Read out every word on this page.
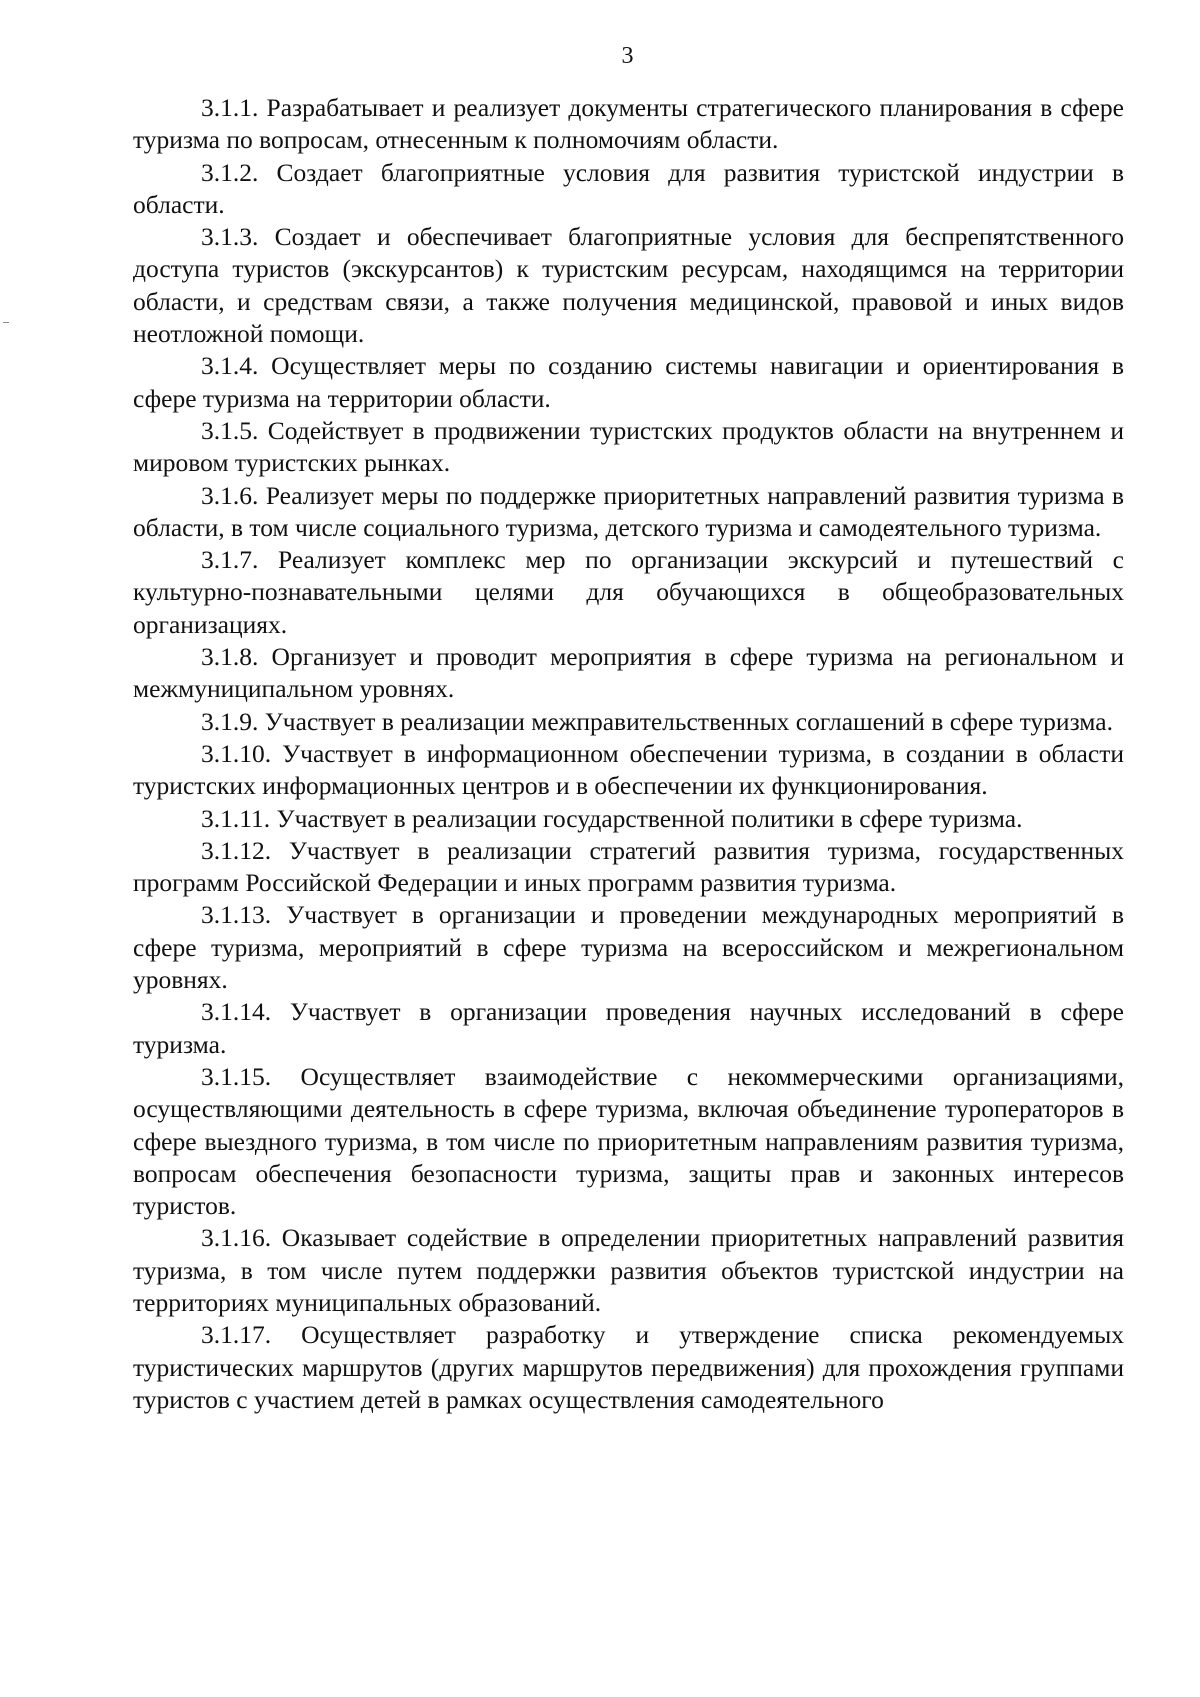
3

3.1.1. Разрабатывает и реализует документы стратегического планирования в сфере туризма по вопросам, отнесенным к полномочиям области.

3.1.2. Создает благоприятные условия для развития туристской индустрии в области.

3.1.3. Создает и обеспечивает благоприятные условия для беспрепятственного доступа туристов (экскурсантов) к туристским ресурсам, находящимся на территории области, и средствам связи, а также получения медицинской, правовой и иных видов неотложной помощи.

3.1.4. Осуществляет меры по созданию системы навигации и ориентирования в сфере туризма на территории области.

3.1.5. Содействует в продвижении туристских продуктов области на внутреннем и мировом туристских рынках.

3.1.6. Реализует меры по поддержке приоритетных направлений развития туризма в области, в том числе социального туризма, детского туризма и самодеятельного туризма.

3.1.7. Реализует комплекс мер по организации экскурсий и путешествий с культурно-познавательными целями для обучающихся в общеобразовательных организациях.

3.1.8. Организует и проводит мероприятия в сфере туризма на региональном и межмуниципальном уровнях.

3.1.9. Участвует в реализации межправительственных соглашений в сфере туризма.

3.1.10. Участвует в информационном обеспечении туризма, в создании в области туристских информационных центров и в обеспечении их функционирования.

3.1.11. Участвует в реализации государственной политики в сфере туризма.

3.1.12. Участвует в реализации стратегий развития туризма, государственных программ Российской Федерации и иных программ развития туризма.

3.1.13. Участвует в организации и проведении международных мероприятий в сфере туризма, мероприятий в сфере туризма на всероссийском и межрегиональном уровнях.

3.1.14. Участвует в организации проведения научных исследований в сфере туризма.

3.1.15. Осуществляет взаимодействие с некоммерческими организациями, осуществляющими деятельность в сфере туризма, включая объединение туроператоров в сфере выездного туризма, в том числе по приоритетным направлениям развития туризма, вопросам обеспечения безопасности туризма, защиты прав и законных интересов туристов.

3.1.16. Оказывает содействие в определении приоритетных направлений развития туризма, в том числе путем поддержки развития объектов туристской индустрии на территориях муниципальных образований.

3.1.17. Осуществляет разработку и утверждение списка рекомендуемых туристических маршрутов (других маршрутов передвижения) для прохождения группами туристов с участием детей в рамках осуществления самодеятельного
